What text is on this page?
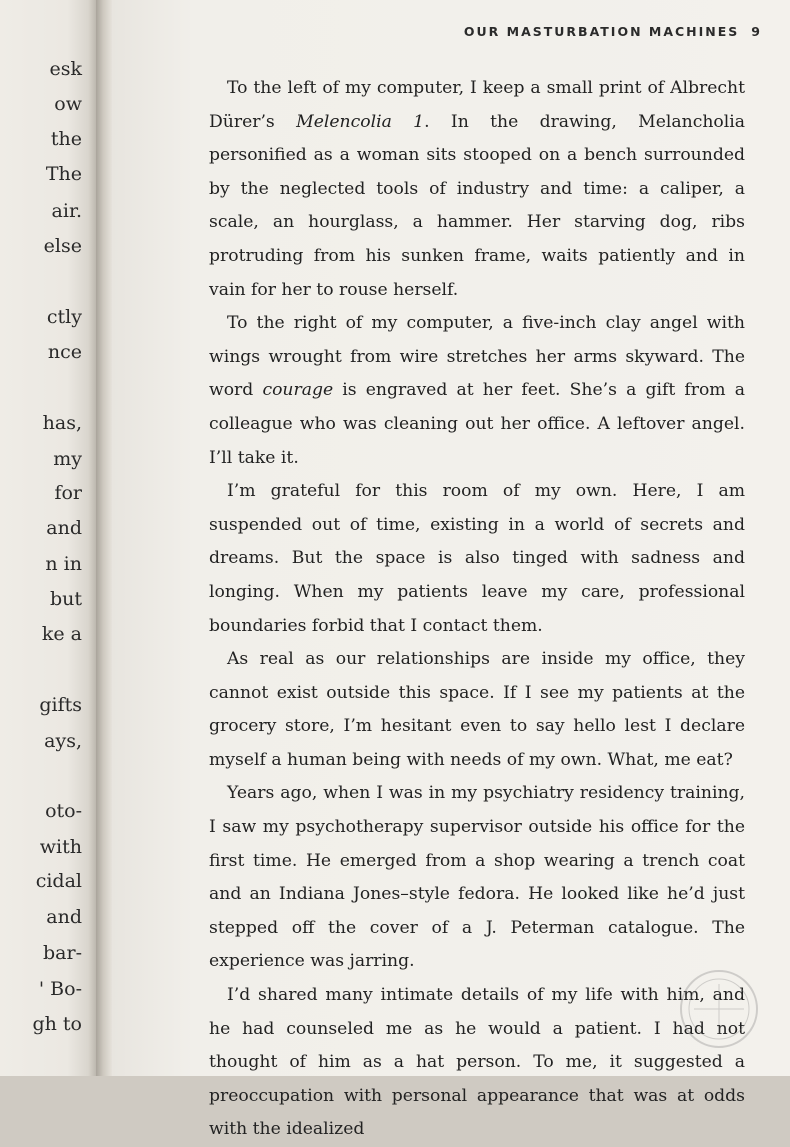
esk
ow
the
The
air.
else
ctly
nce
has,
my
for
and
n in
but
ke a
gifts
ays,
oto-
with
cidal
and
bar-
' Bo-
gh to
OUR MASTURBATION MACHINES 9

To the left of my computer, I keep a small print of Albrecht Dürer’s Melencolia 1. In the drawing, Melancholia personified as a woman sits stooped on a bench surrounded by the neglected tools of industry and time: a caliper, a scale, an hourglass, a hammer. Her starving dog, ribs protruding from his sunken frame, waits patiently and in vain for her to rouse herself.

To the right of my computer, a five-inch clay angel with wings wrought from wire stretches her arms skyward. The word courage is engraved at her feet. She’s a gift from a colleague who was cleaning out her office. A leftover angel. I’ll take it.

I’m grateful for this room of my own. Here, I am suspended out of time, existing in a world of secrets and dreams. But the space is also tinged with sadness and longing. When my patients leave my care, professional boundaries forbid that I contact them.

As real as our relationships are inside my office, they cannot exist outside this space. If I see my patients at the grocery store, I’m hesitant even to say hello lest I declare myself a human being with needs of my own. What, me eat?

Years ago, when I was in my psychiatry residency training, I saw my psychotherapy supervisor outside his office for the first time. He emerged from a shop wearing a trench coat and an Indiana Jones–style fedora. He looked like he’d just stepped off the cover of a J. Peterman catalogue. The experience was jarring.

I’d shared many intimate details of my life with him, and he had counseled me as he would a patient. I had not thought of him as a hat person. To me, it suggested a preoccupation with personal appearance that was at odds with the idealized
